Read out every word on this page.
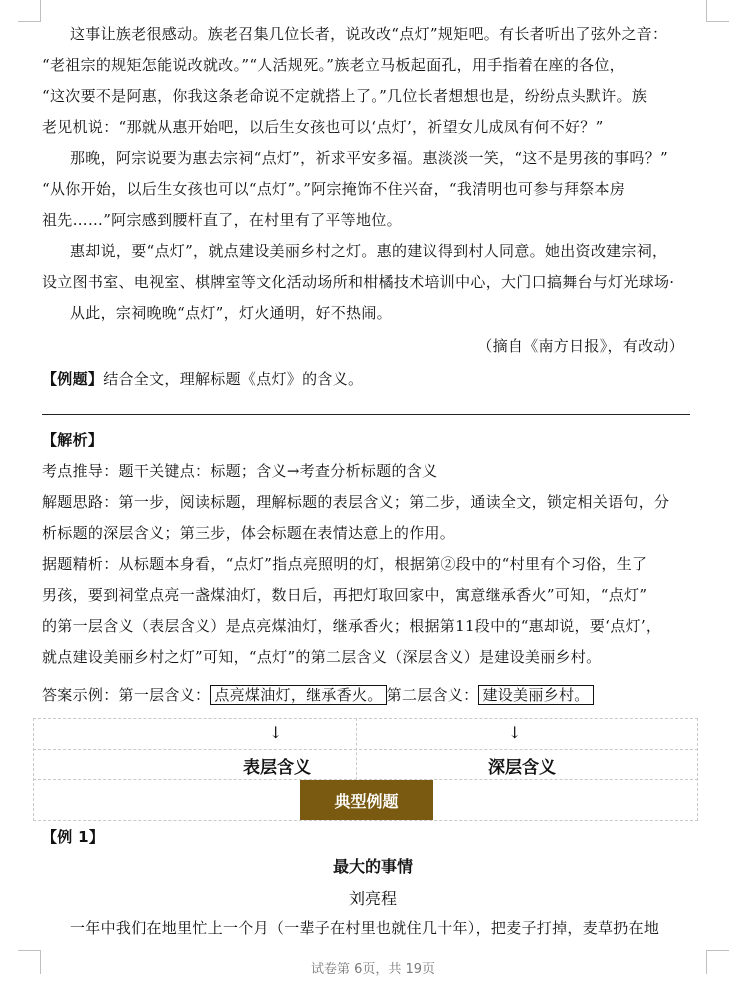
这事让族老很感动。族老召集几位长者，说改改“点灯”规矩吧。有长者听出了弦外之音：
“老祖宗的规矩怎能说改就改。”“人活规死。”族老立马板起面孔，用手指着在座的各位，
“这次要不是阿惠，你我这条老命说不定就搭上了。”几位长者想想也是，纷纷点头默许。族
老见机说：“那就从惠开始吧，以后生女孩也可以‘点灯’，祈望女儿成凤有何不好？”
那晚，阿宗说要为惠去宗祠“点灯”，祈求平安多福。惠淡淡一笑，“这不是男孩的事吗？”
“从你开始，以后生女孩也可以“点灯”。”阿宗掩饰不住兴奋，“我清明也可参与拜祭本房
祖先……”阿宗感到腰杆直了，在村里有了平等地位。
惠却说，要“点灯”，就点建设美丽乡村之灯。惠的建议得到村人同意。她出资改建宗祠，
设立图书室、电视室、棋牌室等文化活动场所和柑橘技术培训中心，大门口搞舞台与灯光球场·
从此，宗祠晚晚“点灯”，灯火通明，好不热闹。
（摘自《南方日报》，有改动）
【例题】结合全文，理解标题《点灯》的含义。
【解析】
考点推导：题干关键点：标题；含义→考查分析标题的含义
解题思路：第一步，阅读标题，理解标题的表层含义；第二步，通读全文，锁定相关语句，分
析标题的深层含义；第三步，体会标题在表情达意上的作用。
据题精析：从标题本身看，“点灯”指点亮照明的灯，根据第②段中的“村里有个习俗，生了
男孩，要到祠堂点亮一盏煤油灯，数日后，再把灯取回家中，寓意继承香火”可知，“点灯”
的第一层含义（表层含义）是点亮煤油灯，继承香火；根据第11段中的“惠却说，要‘点灯’，
就点建设美丽乡村之灯”可知，“点灯”的第二层含义（深层含义）是建设美丽乡村。
答案示例：第一层含义： 点亮煤油灯，继承香火。 第二层含义： 建设美丽乡村。
↓	↓
表层含义	深层含义
典型例题
【例 1】
最大的事情
刘亮程
一年中我们在地里忙上一个月（一辈子在村里也就住几十年），把麦子打掉，麦草扔在地
试卷第 6页，共 19页
